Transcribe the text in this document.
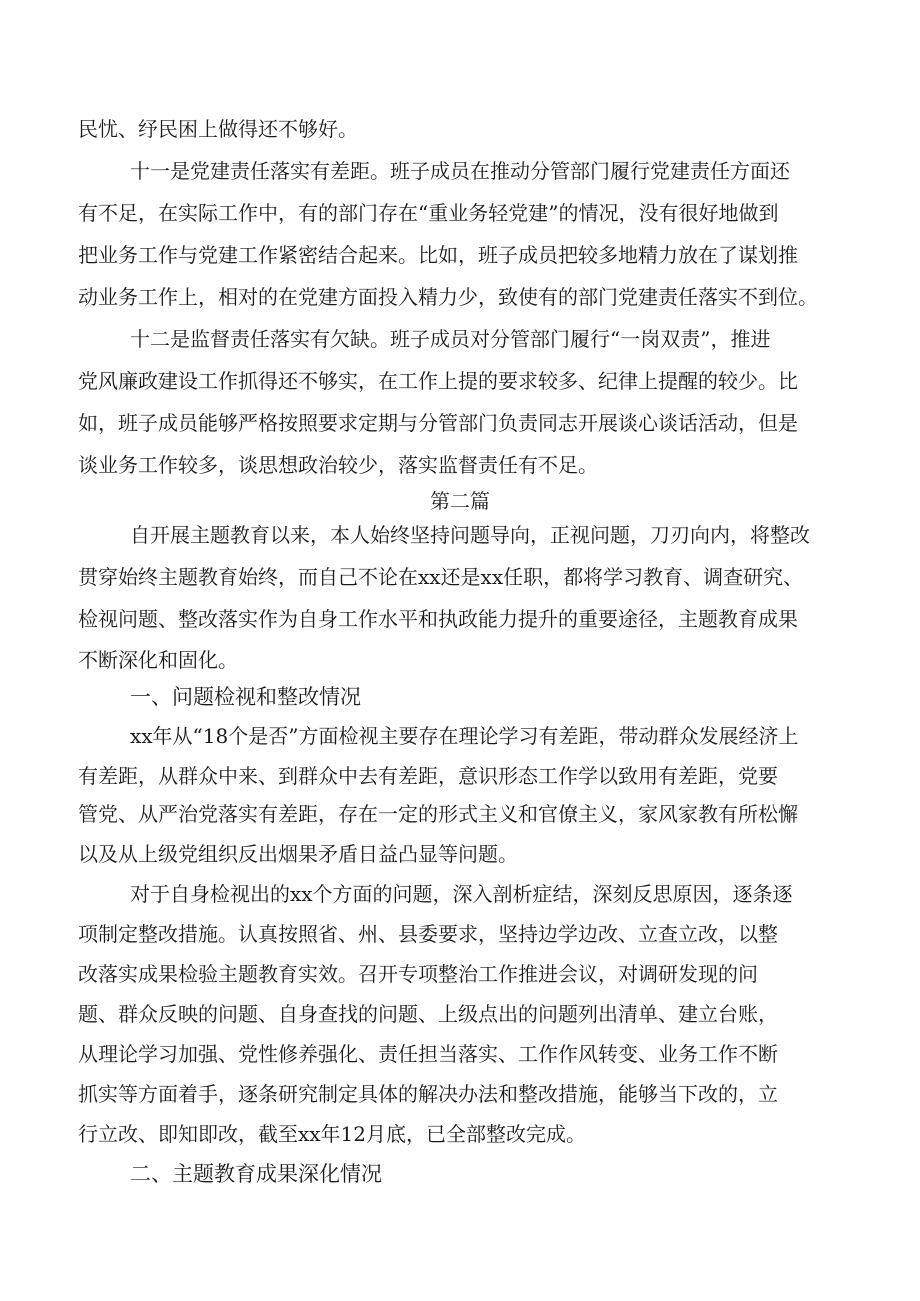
民忧、纾民困上做得还不够好。
十一是党建责任落实有差距。班子成员在推动分管部门履行党建责任方面还
有不足，在实际工作中，有的部门存在“重业务轻党建”的情况，没有很好地做到
把业务工作与党建工作紧密结合起来。比如，班子成员把较多地精力放在了谋划推
动业务工作上，相对的在党建方面投入精力少，致使有的部门党建责任落实不到位。
十二是监督责任落实有欠缺。班子成员对分管部门履行“一岗双责”，推进
党风廉政建设工作抓得还不够实，在工作上提的要求较多、纪律上提醒的较少。比
如，班子成员能够严格按照要求定期与分管部门负责同志开展谈心谈话活动，但是
谈业务工作较多，谈思想政治较少，落实监督责任有不足。
第二篇
自开展主题教育以来，本人始终坚持问题导向，正视问题，刀刃向内，将整改
贯穿始终主题教育始终，而自己不论在xx还是xx任职，都将学习教育、调查研究、
检视问题、整改落实作为自身工作水平和执政能力提升的重要途径，主题教育成果
不断深化和固化。
一、问题检视和整改情况
xx年从“18个是否”方面检视主要存在理论学习有差距，带动群众发展经济上
有差距，从群众中来、到群众中去有差距，意识形态工作学以致用有差距，党要
管党、从严治党落实有差距，存在一定的形式主义和官僚主义，家风家教有所松懈
以及从上级党组织反出烟果矛盾日益凸显等问题。
对于自身检视出的xx个方面的问题，深入剖析症结，深刻反思原因，逐条逐
项制定整改措施。认真按照省、州、县委要求，坚持边学边改、立查立改，以整
改落实成果检验主题教育实效。召开专项整治工作推进会议，对调研发现的问
题、群众反映的问题、自身查找的问题、上级点出的问题列出清单、建立台账，
从理论学习加强、党性修养强化、责任担当落实、工作作风转变、业务工作不断
抓实等方面着手，逐条研究制定具体的解决办法和整改措施，能够当下改的，立
行立改、即知即改，截至xx年12月底，已全部整改完成。
二、主题教育成果深化情况
